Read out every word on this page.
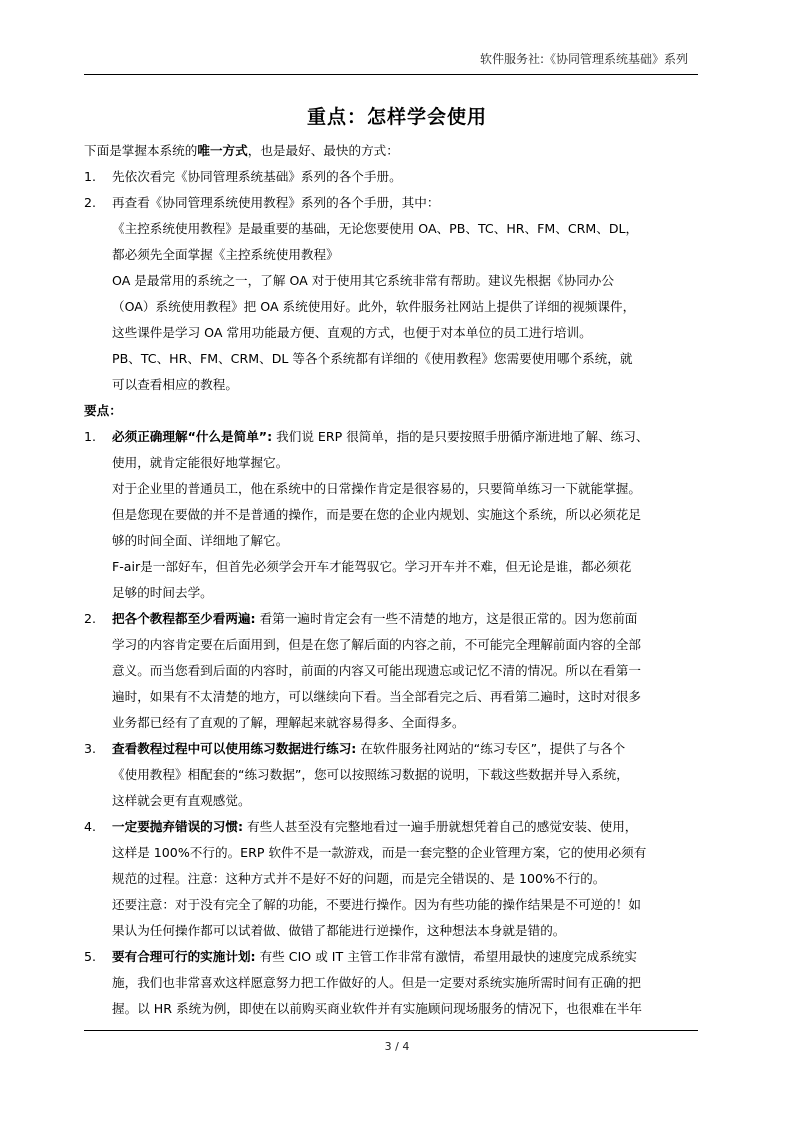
软件服务社:《协同管理系统基础》系列
重点：怎样学会使用
下面是掌握本系统的唯一方式，也是最好、最快的方式：
1. 先依次看完《协同管理系统基础》系列的各个手册。
2. 再查看《协同管理系统使用教程》系列的各个手册，其中：
《主控系统使用教程》是最重要的基础，无论您要使用 OA、PB、TC、HR、FM、CRM、DL，
都必须先全面掌握《主控系统使用教程》
OA 是最常用的系统之一，了解 OA 对于使用其它系统非常有帮助。建议先根据《协同办公
（OA）系统使用教程》把 OA 系统使用好。此外，软件服务社网站上提供了详细的视频课件，
这些课件是学习 OA 常用功能最方便、直观的方式，也便于对本单位的员工进行培训。
PB、TC、HR、FM、CRM、DL 等各个系统都有详细的《使用教程》您需要使用哪个系统，就
可以查看相应的教程。
要点：
1. 必须正确理解“什么是简单”: 我们说 ERP 很简单，指的是只要按照手册循序渐进地了解、练习、
使用，就肯定能很好地掌握它。
对于企业里的普通员工，他在系统中的日常操作肯定是很容易的，只要简单练习一下就能掌握。
但是您现在要做的并不是普通的操作，而是要在您的企业内规划、实施这个系统，所以必须花足
够的时间全面、详细地了解它。
F-air是一部好车，但首先必须学会开车才能驾驭它。学习开车并不难，但无论是谁，都必须花
足够的时间去学。
2. 把各个教程都至少看两遍: 看第一遍时肯定会有一些不清楚的地方，这是很正常的。因为您前面
学习的内容肯定要在后面用到，但是在您了解后面的内容之前，不可能完全理解前面内容的全部
意义。而当您看到后面的内容时，前面的内容又可能出现遗忘或记忆不清的情况。所以在看第一
遍时，如果有不太清楚的地方，可以继续向下看。当全部看完之后、再看第二遍时，这时对很多
业务都已经有了直观的了解，理解起来就容易得多、全面得多。
3. 查看教程过程中可以使用练习数据进行练习: 在软件服务社网站的“练习专区”，提供了与各个
《使用教程》相配套的“练习数据”，您可以按照练习数据的说明，下载这些数据并导入系统，
这样就会更有直观感觉。
4. 一定要抛弃错误的习惯: 有些人甚至没有完整地看过一遍手册就想凭着自己的感觉安装、使用，
这样是 100%不行的。ERP 软件不是一款游戏，而是一套完整的企业管理方案，它的使用必须有
规范的过程。注意：这种方式并不是好不好的问题，而是完全错误的、是 100%不行的。
还要注意：对于没有完全了解的功能，不要进行操作。因为有些功能的操作结果是不可逆的！如
果认为任何操作都可以试着做、做错了都能进行逆操作，这种想法本身就是错的。
5. 要有合理可行的实施计划: 有些 CIO 或 IT 主管工作非常有激情，希望用最快的速度完成系统实
施，我们也非常喜欢这样愿意努力把工作做好的人。但是一定要对系统实施所需时间有正确的把
握。以 HR 系统为例，即使在以前购买商业软件并有实施顾问现场服务的情况下，也很难在半年
3 / 4
